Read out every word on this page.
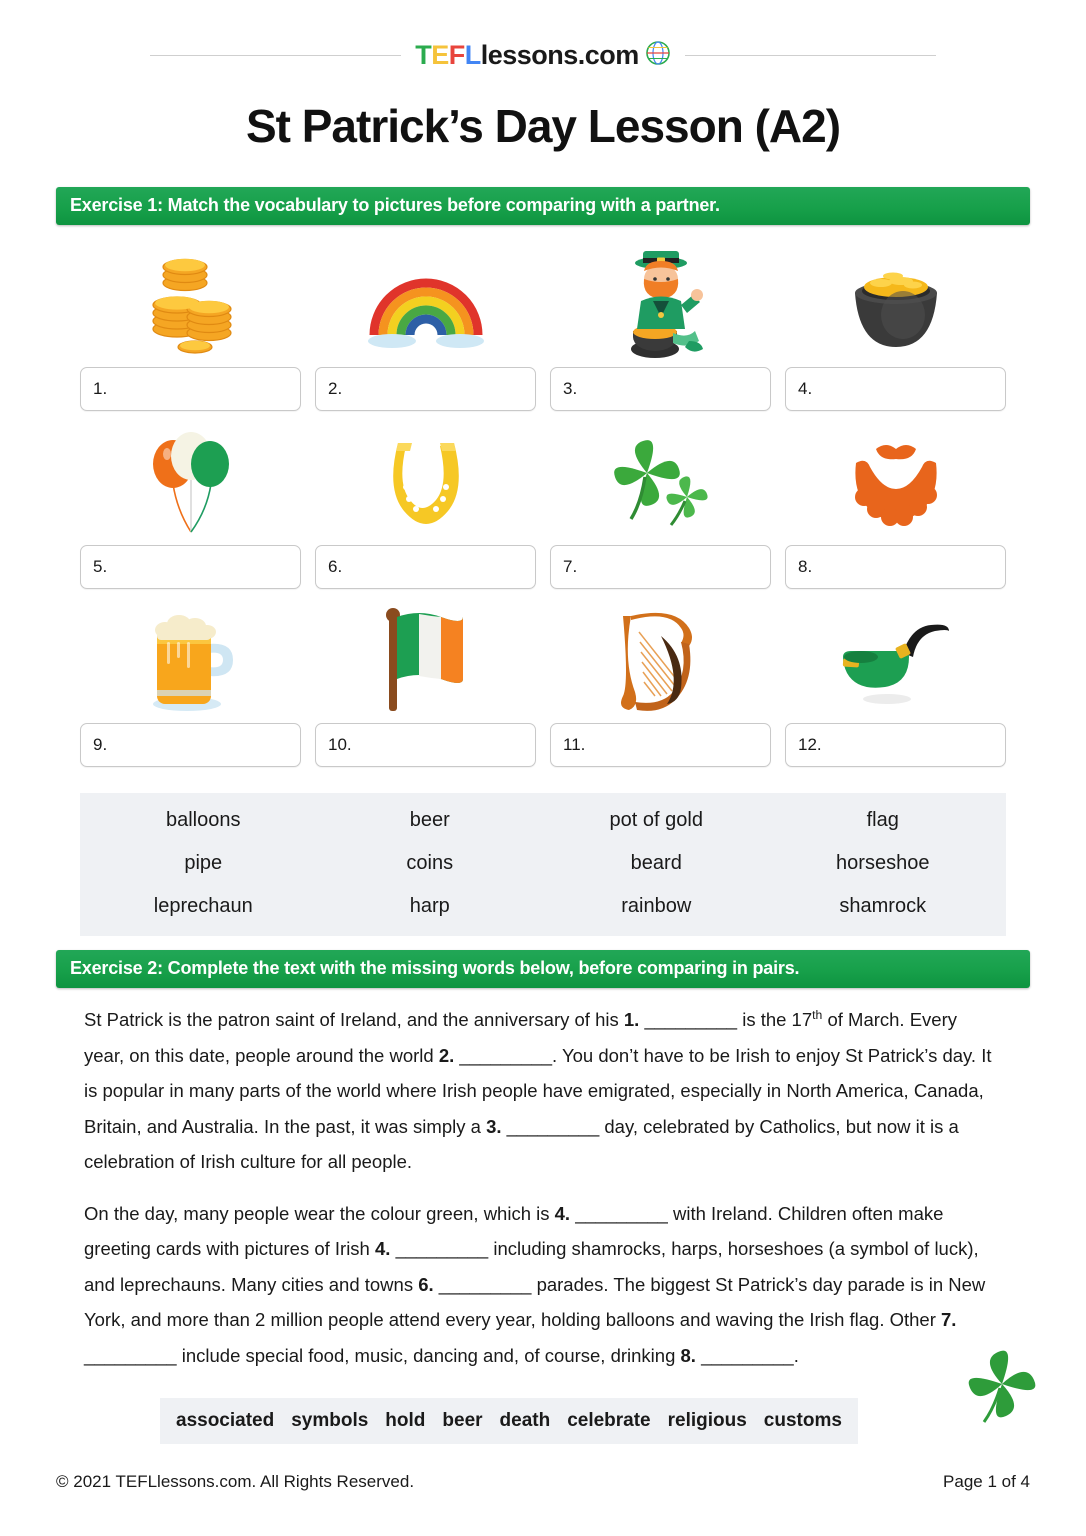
TEFLlessons.com
St Patrick’s Day Lesson (A2)
Exercise 1: Match the vocabulary to pictures before comparing with a partner.
1.	2.	3.	4.
5.	6.	7.	8.
9.	10.	11.	12.
balloons	beer	pot of gold	flag
pipe	coins	beard	horseshoe
leprechaun	harp	rainbow	shamrock
Exercise 2: Complete the text with the missing words below, before comparing in pairs.

St Patrick is the patron saint of Ireland, and the anniversary of his 1. _________ is the 17th of March. Every year, on this date, people around the world 2. _________. You don’t have to be Irish to enjoy St Patrick’s day. It is popular in many parts of the world where Irish people have emigrated, especially in North America, Canada, Britain, and Australia. In the past, it was simply a 3. _________ day, celebrated by Catholics, but now it is a celebration of Irish culture for all people.

On the day, many people wear the colour green, which is 4. _________ with Ireland. Children often make greeting cards with pictures of Irish 4. _________ including shamrocks, harps, horseshoes (a symbol of luck), and leprechauns. Many cities and towns 6. _________ parades. The biggest St Patrick’s day parade is in New York, and more than 2 million people attend every year, holding balloons and waving the Irish flag. Other 7. _________ include special food, music, dancing and, of course, drinking 8. _________.

associated symbols hold beer death celebrate religious customs
© 2021 TEFLlessons.com. All Rights Reserved.	Page 1 of 4
